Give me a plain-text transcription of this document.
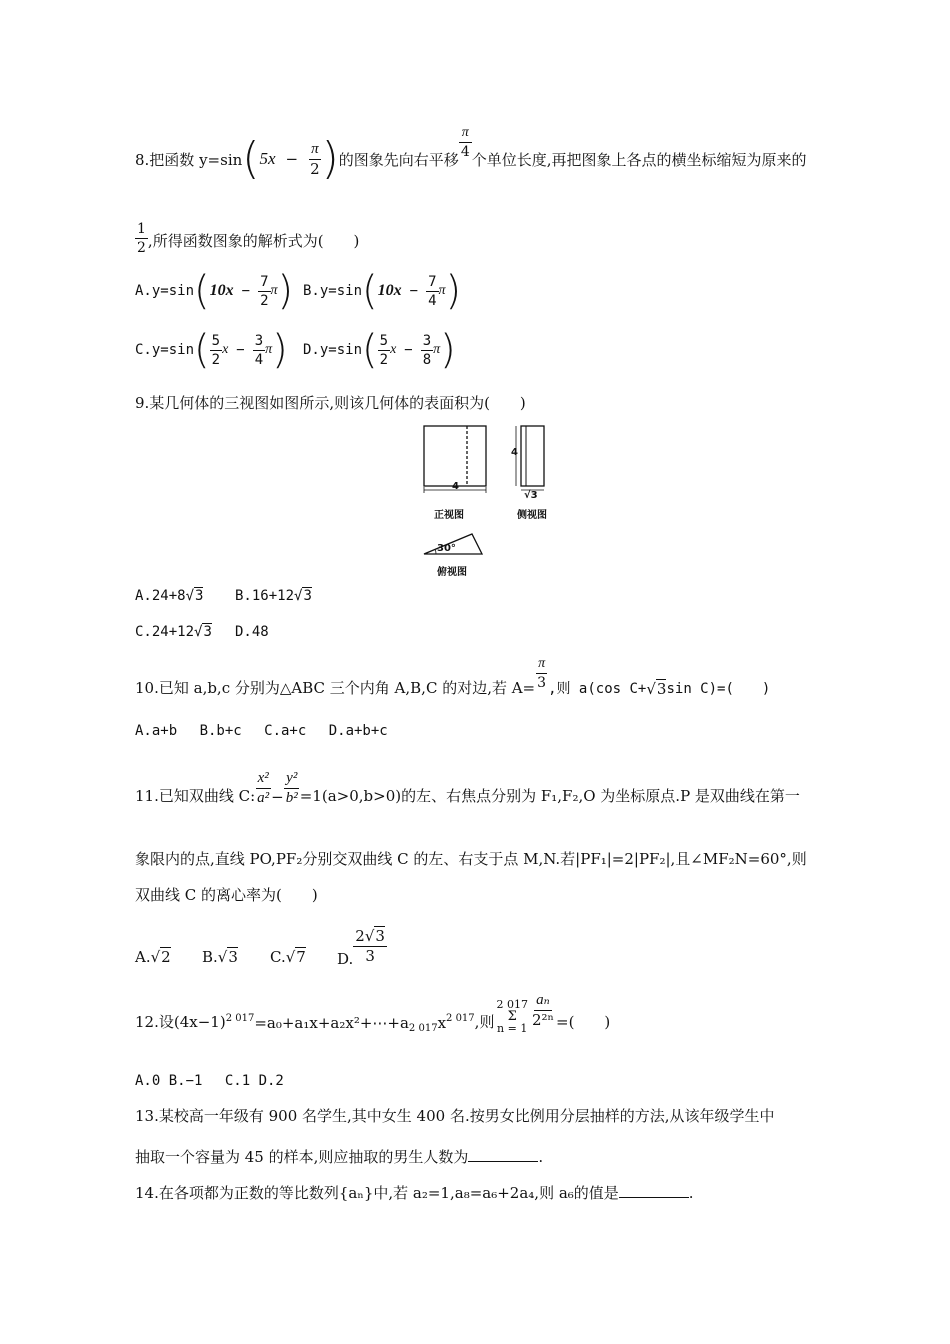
8.把函数 y=sin ( $5x - \frac{\pi}{2}$ ) 的图象先向右平移
$\frac{\pi}{4}$
个单位长度,再把图象上各点的横坐标缩短为原来的
$\frac{1}{2}$ ,所得函数图象的解析式为(　　)
A.y=sin ( $10x - \frac{7}{2}$ π ) B.y=sin ( $10x - \frac{7}{4}$ π )
C.y=sin ( $\frac{5}{2}$ $x - \frac{3}{4}$ π ) D.y=sin ( $\frac{5}{2}$ $x - \frac{3}{8}$ π )
9.某几何体的三视图如图所示,则该几何体的表面积为(　　)
4
4
√3
正视图	侧视图
30°
俯视图
A.24+8√3 B.16+12√3
C.24+12√3 D.48
10.已知 a,b,c 分别为△ABC 三个内角 A,B,C 的对边,若 $A= \frac{\pi}{3}$ ,则 a(cos C+ √ 3 sin C)=(　　)
A.a+b　 B.b+c　 C.a+c　 D.a+b+c
11.已知双曲线 C: $\frac{\text{x²}}{\text{a²}} - \frac{\text{y²}}{\text{b²}} =1(a>0,b>0)$的左、右焦点分别为 F₁,F₂,O 为坐标原点.P 是双曲线在第一
象限内的点,直线 PO,PF₂分别交双曲线 C 的左、右支于点 M,N.若|PF₁|=2|PF₂|,且∠MF₂N=60°,则
双曲线 C 的离心率为(　　)
A.√2 B.√3 C.√7 D. $\frac{2√3}{3}$
12.设$(4x-1)^{2 017}$ $=a_0+a_1x+a_2x^2+\cdots+a_{2 017}$ $x^{2 017}$ ,则
2 017
Σ
n = 1
$\frac{\text{aₙ}}{\text{2²ⁿ}}$ =(　　)
A.0 B.−1　 C.1 D.2
13.某校高一年级有 900 名学生,其中女生 400 名.按男女比例用分层抽样的方法,从该年级学生中
抽取一个容量为 45 的样本,则应抽取的男生人数为	.
14.在各项都为正数的等比数列{aₙ}中,若 a₂=1,a₈=a₆+2a₄,则 a₆的值是	.
